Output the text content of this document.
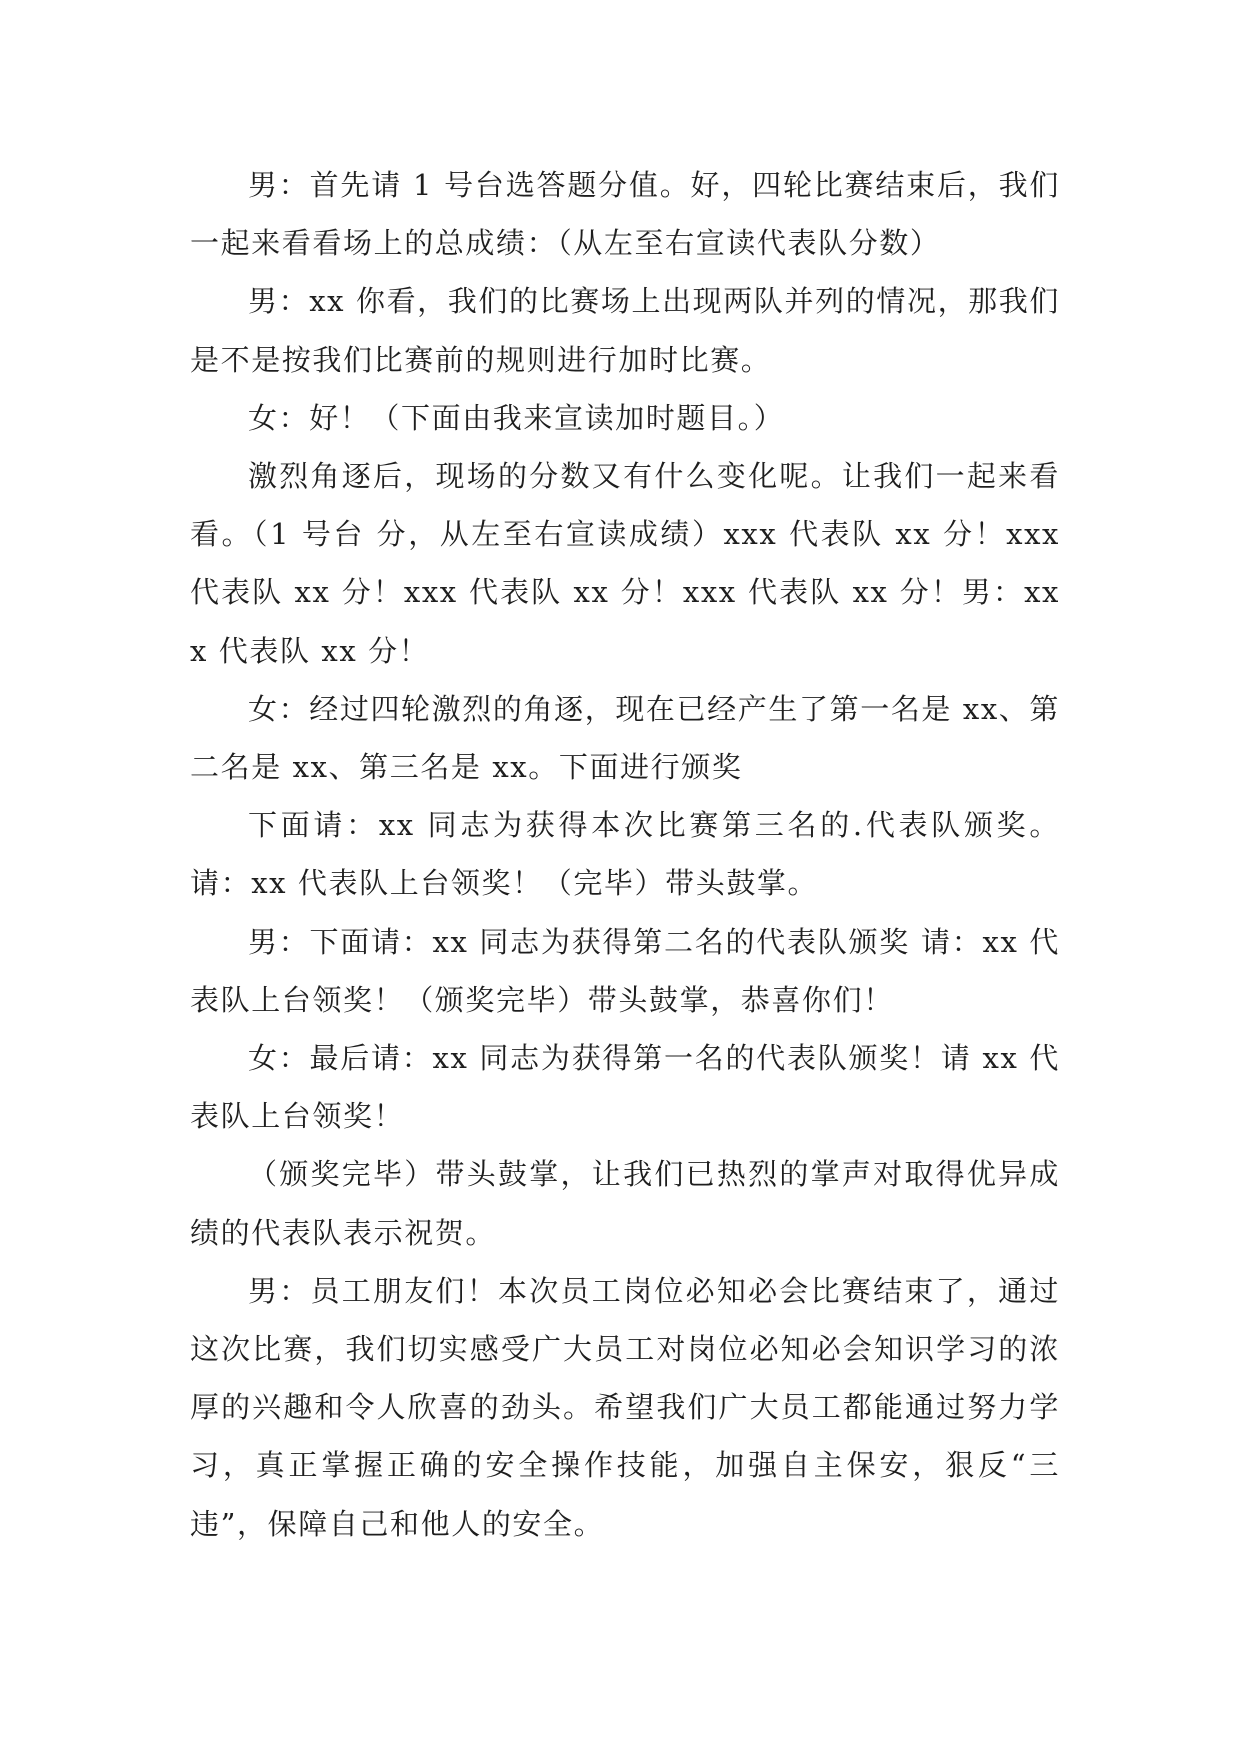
男：首先请 1 号台选答题分值。好，四轮比赛结束后，我们一起来看看场上的总成绩：（从左至右宣读代表队分数）

男：xx 你看，我们的比赛场上出现两队并列的情况，那我们是不是按我们比赛前的规则进行加时比赛。

女：好！（下面由我来宣读加时题目。）

激烈角逐后，现场的分数又有什么变化呢。让我们一起来看看。（1 号台 分，从左至右宣读成绩）xxx 代表队 xx 分！xxx 代表队 xx 分！xxx 代表队 xx 分！xxx 代表队 xx 分！男：xxx 代表队 xx 分！

女：经过四轮激烈的角逐，现在已经产生了第一名是 xx、第二名是 xx、第三名是 xx。下面进行颁奖

下面请：xx 同志为获得本次比赛第三名的.代表队颁奖。请：xx 代表队上台领奖！（完毕）带头鼓掌。

男：下面请：xx 同志为获得第二名的代表队颁奖 请：xx 代表队上台领奖！（颁奖完毕）带头鼓掌，恭喜你们！

女：最后请：xx 同志为获得第一名的代表队颁奖！请 xx 代表队上台领奖！

（颁奖完毕）带头鼓掌，让我们已热烈的掌声对取得优异成绩的代表队表示祝贺。

男：员工朋友们！本次员工岗位必知必会比赛结束了，通过这次比赛，我们切实感受广大员工对岗位必知必会知识学习的浓厚的兴趣和令人欣喜的劲头。希望我们广大员工都能通过努力学习，真正掌握正确的安全操作技能，加强自主保安，狠反“三违”，保障自己和他人的安全。
